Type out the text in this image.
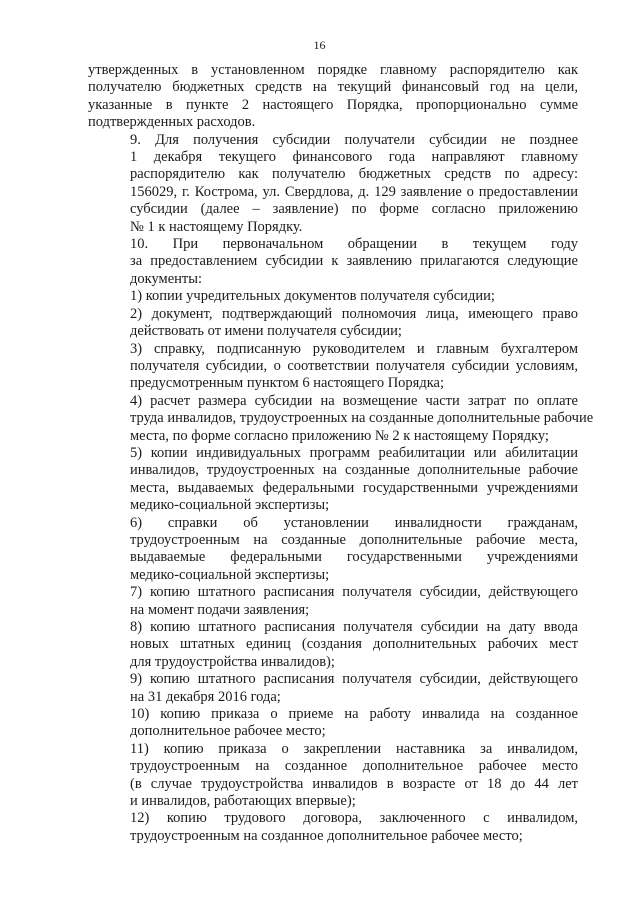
16
утвержденных в установленном порядке главному распорядителю как
получателю бюджетных средств на текущий финансовый год на цели,
указанные в пункте 2 настоящего Порядка, пропорционально сумме
подтвержденных расходов.
9. Для получения субсидии получатели субсидии не позднее
1 декабря текущего финансового года направляют главному
распорядителю как получателю бюджетных средств по адресу:
156029, г. Кострома, ул. Свердлова, д. 129 заявление о предоставлении
субсидии (далее – заявление) по форме согласно приложению
№ 1 к настоящему Порядку.
10. При первоначальном обращении в текущем году
за предоставлением субсидии к заявлению прилагаются следующие
документы:
1) копии учредительных документов получателя субсидии;
2) документ, подтверждающий полномочия лица, имеющего право
действовать от имени получателя субсидии;
3) справку, подписанную руководителем и главным бухгалтером
получателя субсидии, о соответствии получателя субсидии условиям,
предусмотренным пунктом 6 настоящего Порядка;
4) расчет размера субсидии на возмещение части затрат по оплате
труда инвалидов, трудоустроенных на созданные дополнительные рабочие
места, по форме согласно приложению № 2 к настоящему Порядку;
5) копии индивидуальных программ реабилитации или абилитации
инвалидов, трудоустроенных на созданные дополнительные рабочие
места, выдаваемых федеральными государственными учреждениями
медико-социальной экспертизы;
6) справки об установлении инвалидности гражданам,
трудоустроенным на созданные дополнительные рабочие места,
выдаваемые федеральными государственными учреждениями
медико-социальной экспертизы;
7) копию штатного расписания получателя субсидии, действующего
на момент подачи заявления;
8) копию штатного расписания получателя субсидии на дату ввода
новых штатных единиц (создания дополнительных рабочих мест
для трудоустройства инвалидов);
9) копию штатного расписания получателя субсидии, действующего
на 31 декабря 2016 года;
10) копию приказа о приеме на работу инвалида на созданное
дополнительное рабочее место;
11) копию приказа о закреплении наставника за инвалидом,
трудоустроенным на созданное дополнительное рабочее место
(в случае трудоустройства инвалидов в возрасте от 18 до 44 лет
и инвалидов, работающих впервые);
12) копию трудового договора, заключенного с инвалидом,
трудоустроенным на созданное дополнительное рабочее место;
